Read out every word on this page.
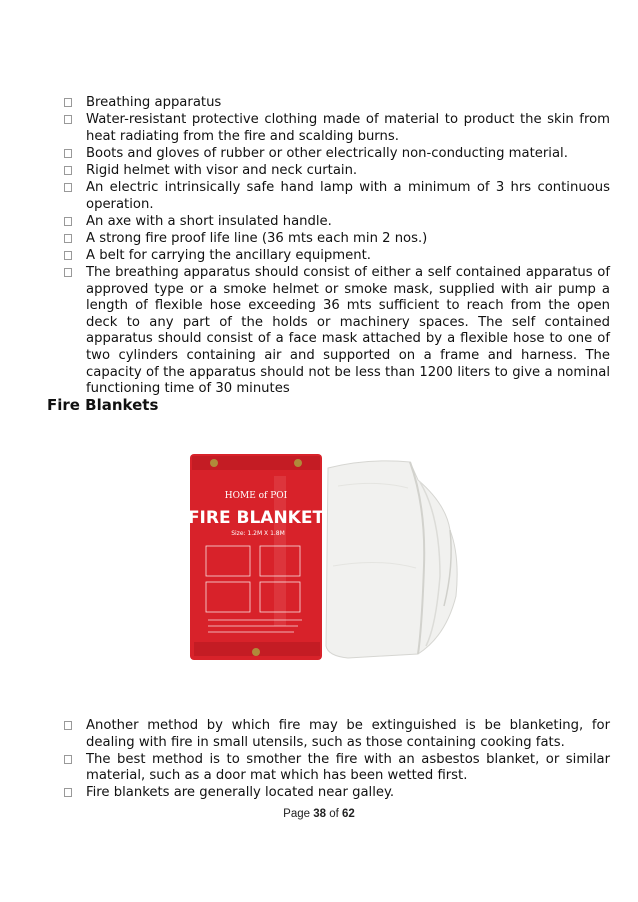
Breathing apparatus
Water-resistant protective clothing made of material to product the skin from heat radiating from the fire and scalding burns.
Boots and gloves of rubber or other electrically non-conducting material.
Rigid helmet with visor and neck curtain.
An electric intrinsically safe hand lamp with a minimum of 3 hrs continuous operation.
An axe with a short insulated handle.
A strong fire proof life line (36 mts each min 2 nos.)
A belt for carrying the ancillary equipment.
The breathing apparatus should consist of either a self contained apparatus of approved type or a smoke helmet or smoke mask, supplied with air pump a length of flexible hose exceeding 36 mts sufficient to reach from the open deck to any part of the holds or machinery spaces. The self contained apparatus should consist of a face mask attached by a flexible hose to one of two cylinders containing air and supported on a frame and harness. The capacity of the apparatus should not be less than 1200 liters to give a nominal functioning time of 30 minutes
Fire Blankets
HOME of POI
FIRE BLANKET
Size: 1.2M X 1.8M
Another method by which fire may be extinguished is be blanketing, for dealing with fire in small utensils, such as those containing cooking fats.
The best method is to smother the fire with an asbestos blanket, or similar material, such as a door mat which has been wetted first.
Fire blankets are generally located near galley.
Page 38 of 62
